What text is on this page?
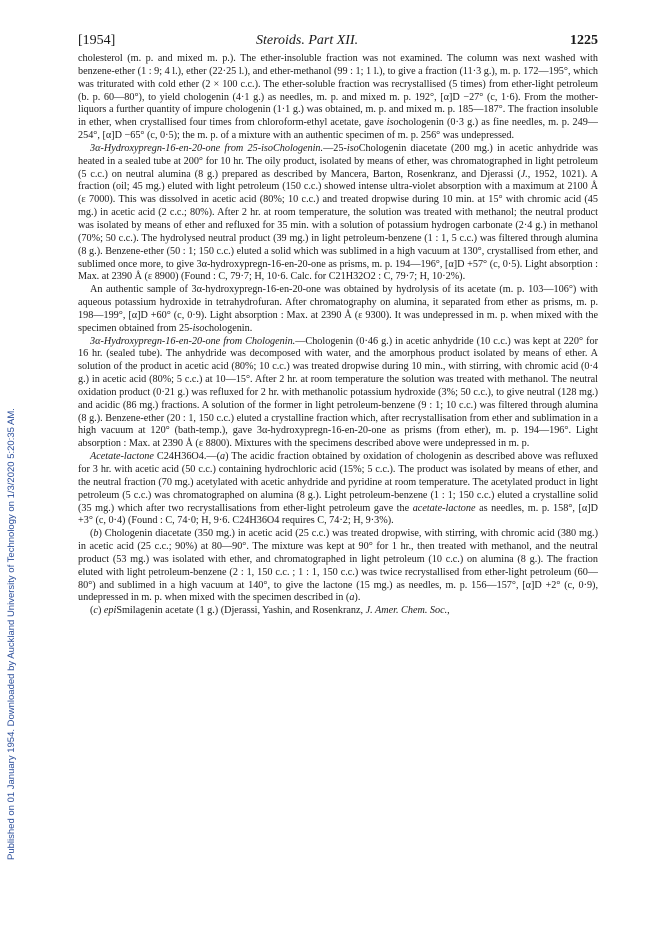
[1954]	Steroids. Part XII.	1225
Published on 01 January 1954. Downloaded by Auckland University of Technology on 1/3/2020 5:20:35 AM.

cholesterol (m. p. and mixed m. p.). The ether-insoluble fraction was not examined. The column was next washed with benzene-ether (1 : 9; 4 l.), ether (22·25 l.), and ether-methanol (99 : 1; 1 l.), to give a fraction (11·3 g.), m. p. 172—195°, which was triturated with cold ether (2 × 100 c.c.). The ether-soluble fraction was recrystallised (5 times) from ether-light petroleum (b. p. 60—80°), to yield chologenin (4·1 g.) as needles, m. p. and mixed m. p. 192°, [α]D −27° (c, 1·6). From the mother-liquors a further quantity of impure chologenin (1·1 g.) was obtained, m. p. and mixed m. p. 185—187°. The fraction insoluble in ether, when crystallised four times from chloroform-ethyl acetate, gave isochologenin (0·3 g.) as fine needles, m. p. 249—254°, [α]D −65° (c, 0·5); the m. p. of a mixture with an authentic specimen of m. p. 256° was undepressed.

3α-Hydroxypregn-16-en-20-one from 25-isoChologenin.—25-isoChologenin diacetate (200 mg.) in acetic anhydride was heated in a sealed tube at 200° for 10 hr. The oily product, isolated by means of ether, was chromatographed in light petroleum (5 c.c.) on neutral alumina (8 g.) prepared as described by Mancera, Barton, Rosenkranz, and Djerassi (J., 1952, 1021). A fraction (oil; 45 mg.) eluted with light petroleum (150 c.c.) showed intense ultra-violet absorption with a maximum at 2100 Å (ε 7000). This was dissolved in acetic acid (80%; 10 c.c.) and treated dropwise during 10 min. at 15° with chromic acid (45 mg.) in acetic acid (2 c.c.; 80%). After 2 hr. at room temperature, the solution was treated with methanol; the neutral product was isolated by means of ether and refluxed for 35 min. with a solution of potassium hydrogen carbonate (2·4 g.) in methanol (70%; 50 c.c.). The hydrolysed neutral product (39 mg.) in light petroleum-benzene (1 : 1, 5 c.c.) was filtered through alumina (8 g.). Benzene-ether (50 : 1; 150 c.c.) eluted a solid which was sublimed in a high vacuum at 130°, crystallised from ether, and sublimed once more, to give 3α-hydroxypregn-16-en-20-one as prisms, m. p. 194—196°, [α]D +57° (c, 0·5). Light absorption : Max. at 2390 Å (ε 8900) (Found : C, 79·7; H, 10·6. Calc. for C21H32O2 : C, 79·7; H, 10·2%).

An authentic sample of 3α-hydroxypregn-16-en-20-one was obtained by hydrolysis of its acetate (m. p. 103—106°) with aqueous potassium hydroxide in tetrahydrofuran. After chromatography on alumina, it separated from ether as prisms, m. p. 198—199°, [α]D +60° (c, 0·9). Light absorption : Max. at 2390 Å (ε 9300). It was undepressed in m. p. when mixed with the specimen obtained from 25-isochologenin.

3α-Hydroxypregn-16-en-20-one from Chologenin.—Chologenin (0·46 g.) in acetic anhydride (10 c.c.) was kept at 220° for 16 hr. (sealed tube). The anhydride was decomposed with water, and the amorphous product isolated by means of ether. A solution of the product in acetic acid (80%; 10 c.c.) was treated dropwise during 10 min., with stirring, with chromic acid (0·4 g.) in acetic acid (80%; 5 c.c.) at 10—15°. After 2 hr. at room temperature the solution was treated with methanol. The neutral oxidation product (0·21 g.) was refluxed for 2 hr. with methanolic potassium hydroxide (3%; 50 c.c.), to give neutral (128 mg.) and acidic (86 mg.) fractions. A solution of the former in light petroleum-benzene (9 : 1; 10 c.c.) was filtered through alumina (8 g.). Benzene-ether (20 : 1, 150 c.c.) eluted a crystalline fraction which, after recrystallisation from ether and sublimation in a high vacuum at 120° (bath-temp.), gave 3α-hydroxypregn-16-en-20-one as prisms (from ether), m. p. 194—196°. Light absorption : Max. at 2390 Å (ε 8800). Mixtures with the specimens described above were undepressed in m. p.

Acetate-lactone C24H36O4.—(a) The acidic fraction obtained by oxidation of chologenin as described above was refluxed for 3 hr. with acetic acid (50 c.c.) containing hydrochloric acid (15%; 5 c.c.). The product was isolated by means of ether, and the neutral fraction (70 mg.) acetylated with acetic anhydride and pyridine at room temperature. The acetylated product in light petroleum (5 c.c.) was chromatographed on alumina (8 g.). Light petroleum-benzene (1 : 1; 150 c.c.) eluted a crystalline solid (35 mg.) which after two recrystallisations from ether-light petroleum gave the acetate-lactone as needles, m. p. 158°, [α]D +3° (c, 0·4) (Found : C, 74·0; H, 9·6. C24H36O4 requires C, 74·2; H, 9·3%).

(b) Chologenin diacetate (350 mg.) in acetic acid (25 c.c.) was treated dropwise, with stirring, with chromic acid (380 mg.) in acetic acid (25 c.c.; 90%) at 80—90°. The mixture was kept at 90° for 1 hr., then treated with methanol, and the neutral product (53 mg.) was isolated with ether, and chromatographed in light petroleum (10 c.c.) on alumina (8 g.). The fraction eluted with light petroleum-benzene (2 : 1, 150 c.c. ; 1 : 1, 150 c.c.) was twice recrystallised from ether-light petroleum (60—80°) and sublimed in a high vacuum at 140°, to give the lactone (15 mg.) as needles, m. p. 156—157°, [α]D +2° (c, 0·9), undepressed in m. p. when mixed with the specimen described in (a).

(c) epiSmilagenin acetate (1 g.) (Djerassi, Yashin, and Rosenkranz, J. Amer. Chem. Soc.,
